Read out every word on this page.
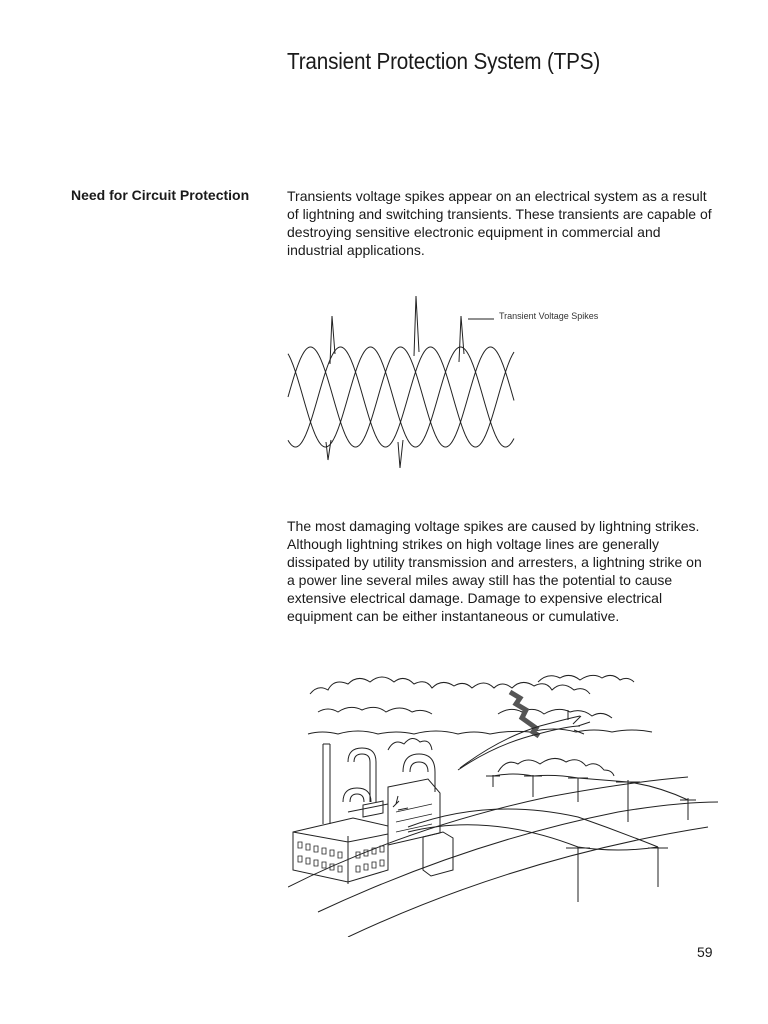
Transient Protection System (TPS)
Need for Circuit Protection	Transients voltage spikes appear on an electrical system as a result of lightning and switching transients. These transients are capable of destroying sensitive electronic equipment in commercial and industrial applications.

Transient Voltage Spikes

The most damaging voltage spikes are caused by lightning strikes. Although lightning strikes on high voltage lines are generally dissipated by utility transmission and arresters, a lightning strike on a power line several miles away still has the potential to cause extensive electrical damage. Damage to expensive electrical equipment can be either instantaneous or cumulative.

59
